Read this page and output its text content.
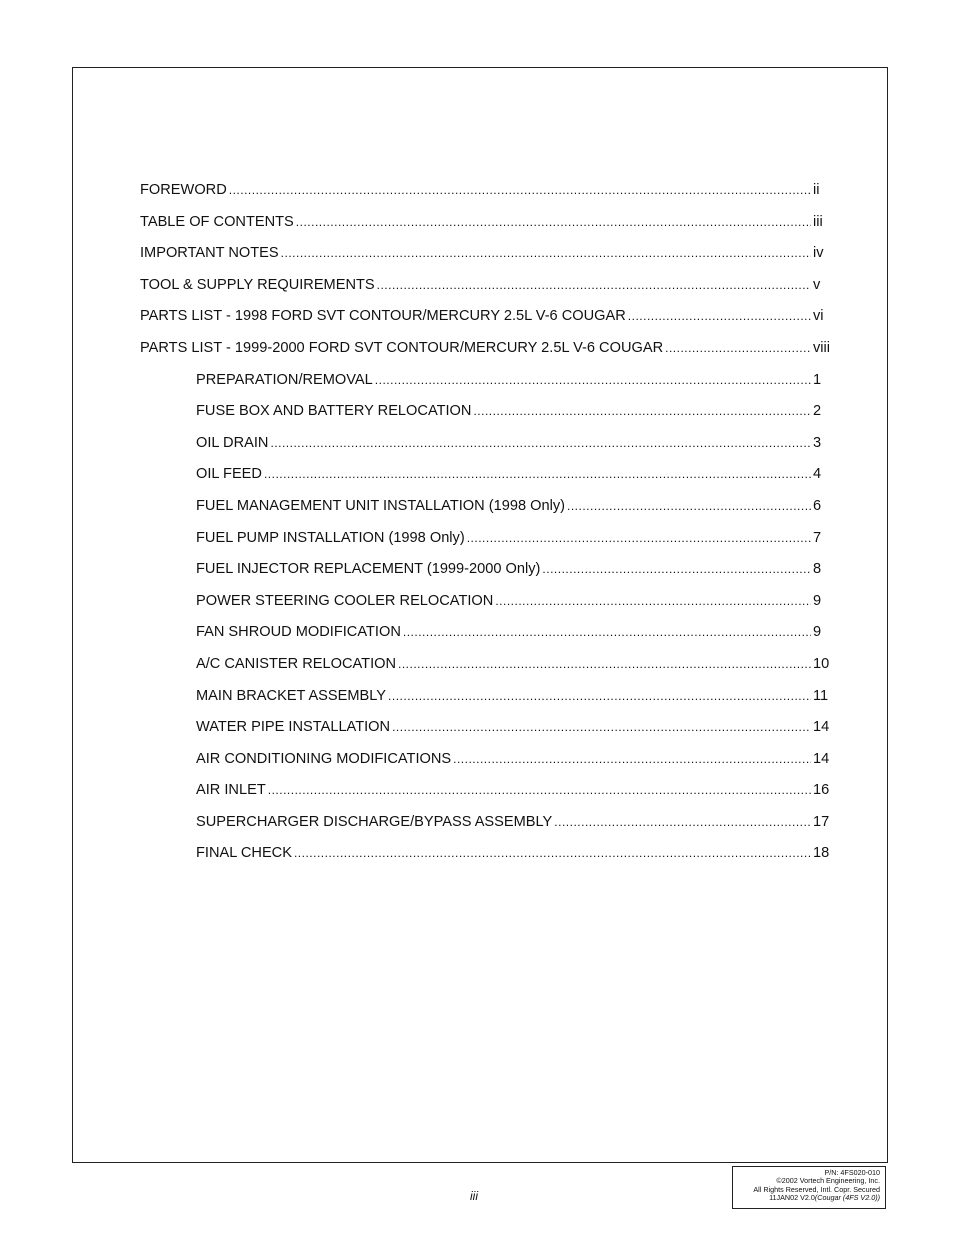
FOREWORD .....	ii
TABLE OF CONTENTS .....	iii
IMPORTANT NOTES .....	iv
TOOL & SUPPLY REQUIREMENTS .....	v
PARTS LIST - 1998 FORD SVT CONTOUR/MERCURY 2.5L V-6 COUGAR .....	vi
PARTS LIST - 1999-2000 FORD SVT CONTOUR/MERCURY 2.5L V-6 COUGAR .....	viii
PREPARATION/REMOVAL .....	1
FUSE BOX AND BATTERY RELOCATION .....	2
OIL DRAIN .....	3
OIL FEED .....	4
FUEL MANAGEMENT UNIT INSTALLATION (1998 Only) .....	6
FUEL PUMP INSTALLATION (1998 Only) .....	7
FUEL INJECTOR REPLACEMENT (1999-2000 Only) .....	8
POWER STEERING COOLER RELOCATION .....	9
FAN SHROUD MODIFICATION .....	9
A/C CANISTER RELOCATION .....	10
MAIN BRACKET ASSEMBLY .....	11
WATER PIPE INSTALLATION .....	14
AIR CONDITIONING MODIFICATIONS .....	14
AIR INLET .....	16
SUPERCHARGER DISCHARGE/BYPASS ASSEMBLY .....	17
FINAL CHECK .....	18
iii
P/N: 4FS020-010
©2002 Vortech Engineering, Inc.
All Rights Reserved, Intl. Copr. Secured
11JAN02 V2.0(Cougar (4FS V2.0))
